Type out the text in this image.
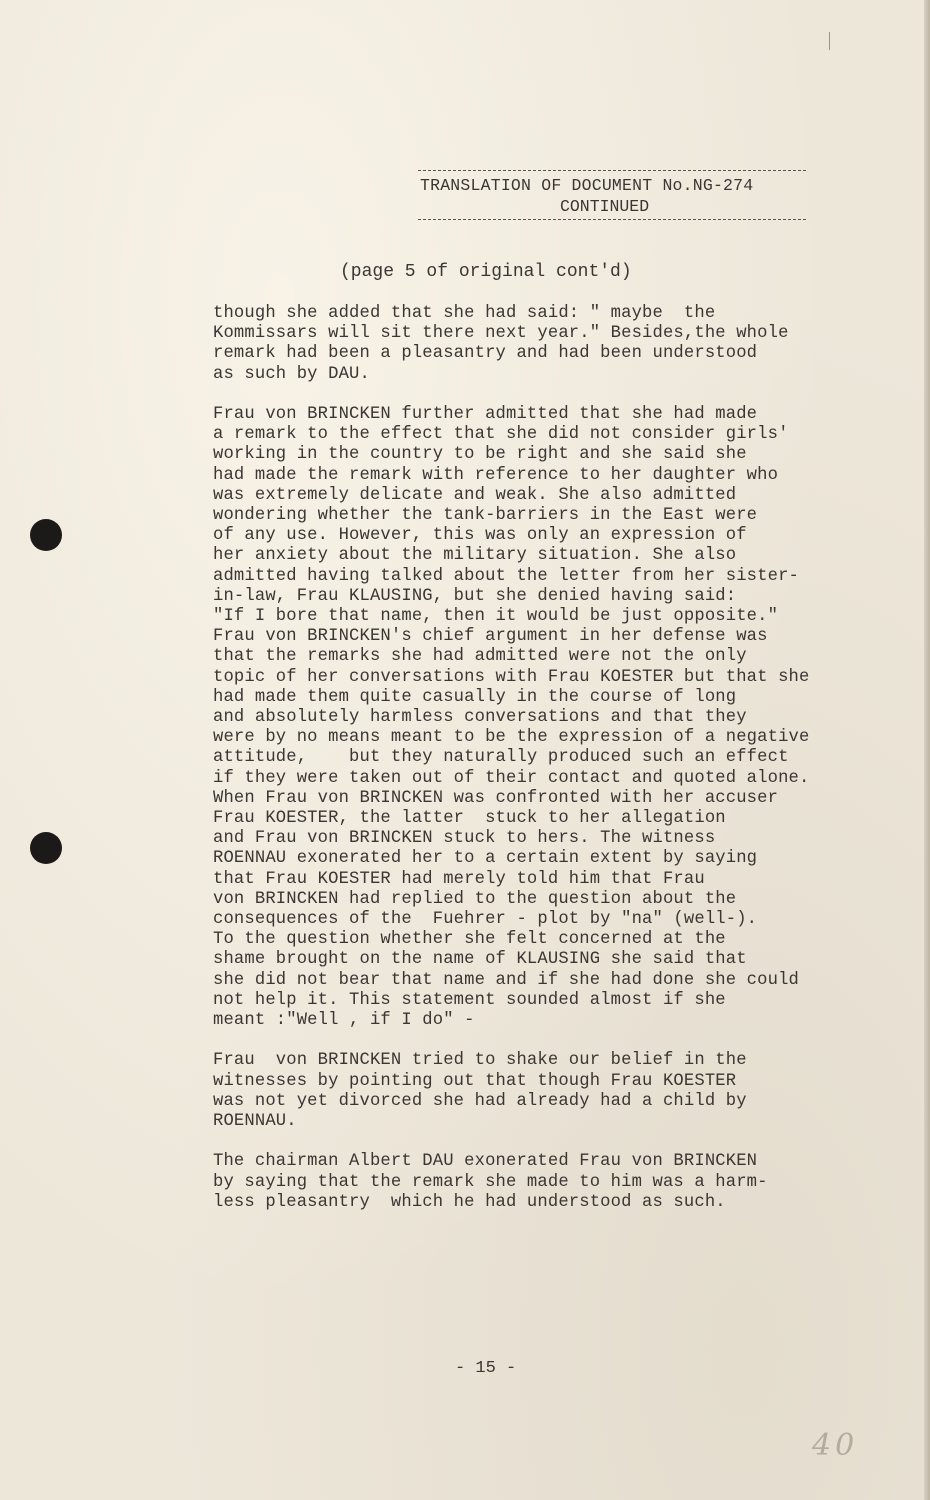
TRANSLATION OF DOCUMENT No.NG-274
CONTINUED
(page 5 of original cont'd)
though she added that she had said: " maybe  the
Kommissars will sit there next year." Besides,the whole
remark had been a pleasantry and had been understood
as such by DAU.
Frau von BRINCKEN further admitted that she had made
a remark to the effect that she did not consider girls'
working in the country to be right and she said she
had made the remark with reference to her daughter who
was extremely delicate and weak. She also admitted
wondering whether the tank-barriers in the East were
of any use. However, this was only an expression of
her anxiety about the military situation. She also
admitted having talked about the letter from her sister-
in-law, Frau KLAUSING, but she denied having said:
"If I bore that name, then it would be just opposite."
Frau von BRINCKEN's chief argument in her defense was
that the remarks she had admitted were not the only
topic of her conversations with Frau KOESTER but that she
had made them quite casually in the course of long
and absolutely harmless conversations and that they
were by no means meant to be the expression of a negative
attitude,    but they naturally produced such an effect
if they were taken out of their contact and quoted alone.
When Frau von BRINCKEN was confronted with her accuser
Frau KOESTER, the latter  stuck to her allegation
and Frau von BRINCKEN stuck to hers. The witness
ROENNAU exonerated her to a certain extent by saying
that Frau KOESTER had merely told him that Frau
von BRINCKEN had replied to the question about the
consequences of the  Fuehrer - plot by "na" (well-).
To the question whether she felt concerned at the
shame brought on the name of KLAUSING she said that
she did not bear that name and if she had done she could
not help it. This statement sounded almost if she
meant :"Well , if I do" -
Frau  von BRINCKEN tried to shake our belief in the
witnesses by pointing out that though Frau KOESTER
was not yet divorced she had already had a child by
ROENNAU.
The chairman Albert DAU exonerated Frau von BRINCKEN
by saying that the remark she made to him was a harm-
less pleasantry  which he had understood as such.
- 15 -
40
